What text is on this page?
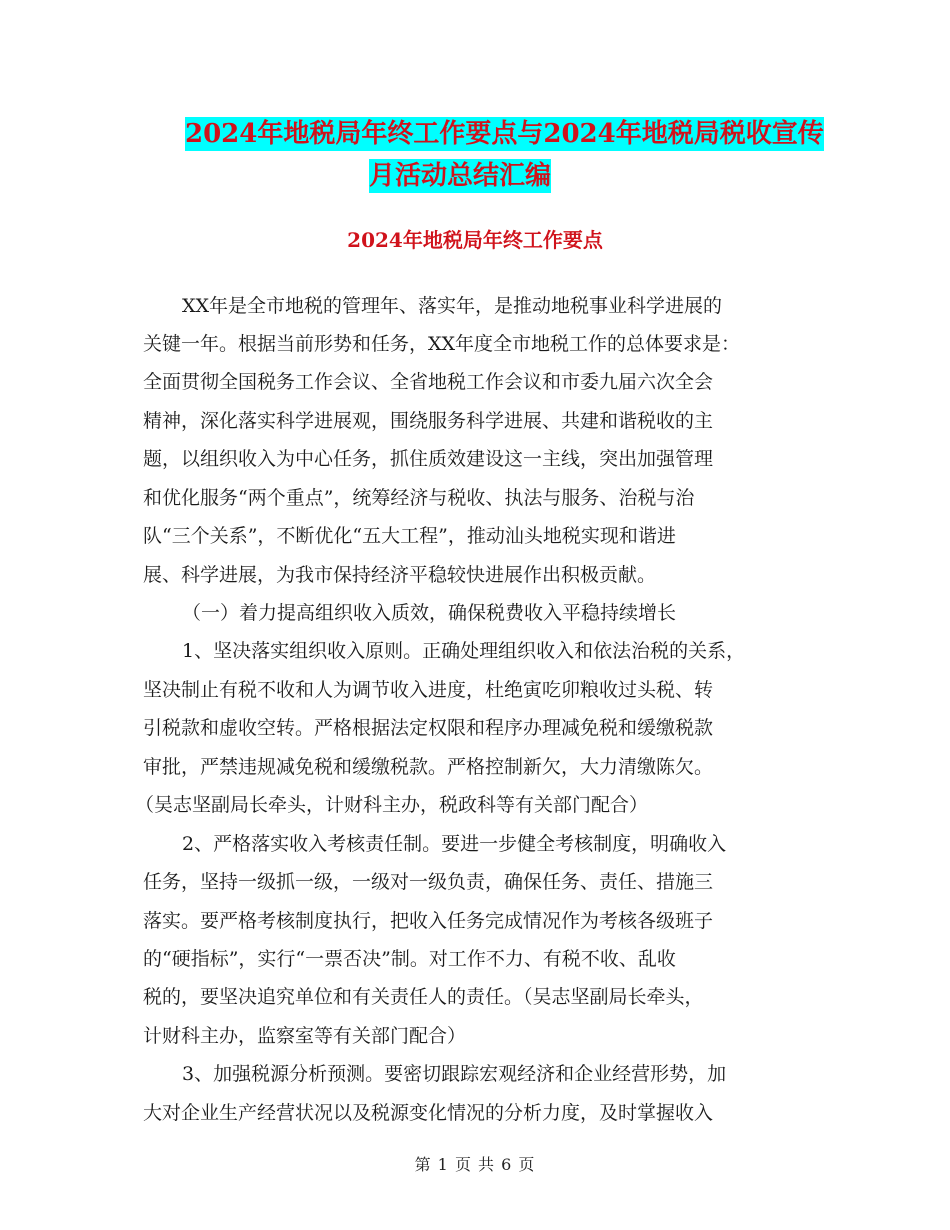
2024年地税局年终工作要点与2024年地税局税收宣传
月活动总结汇编
2024年地税局年终工作要点
XX年是全市地税的管理年、落实年，是推动地税事业科学进展的
关键一年。根据当前形势和任务，XX年度全市地税工作的总体要求是：
全面贯彻全国税务工作会议、全省地税工作会议和市委九届六次全会
精神，深化落实科学进展观，围绕服务科学进展、共建和谐税收的主
题，以组织收入为中心任务，抓住质效建设这一主线，突出加强管理
和优化服务“两个重点”，统筹经济与税收、执法与服务、治税与治
队“三个关系”，不断优化“五大工程”，推动汕头地税实现和谐进
展、科学进展，为我市保持经济平稳较快进展作出积极贡献。
（一）着力提高组织收入质效，确保税费收入平稳持续增长
1、坚决落实组织收入原则。正确处理组织收入和依法治税的关系，
坚决制止有税不收和人为调节收入进度，杜绝寅吃卯粮收过头税、转
引税款和虚收空转。严格根据法定权限和程序办理减免税和缓缴税款
审批，严禁违规减免税和缓缴税款。严格控制新欠，大力清缴陈欠。
（吴志坚副局长牵头，计财科主办，税政科等有关部门配合）
2、严格落实收入考核责任制。要进一步健全考核制度，明确收入
任务，坚持一级抓一级，一级对一级负责，确保任务、责任、措施三
落实。要严格考核制度执行，把收入任务完成情况作为考核各级班子
的“硬指标”，实行“一票否决”制。对工作不力、有税不收、乱收
税的，要坚决追究单位和有关责任人的责任。（吴志坚副局长牵头，
计财科主办，监察室等有关部门配合）
3、加强税源分析预测。要密切跟踪宏观经济和企业经营形势，加
大对企业生产经营状况以及税源变化情况的分析力度，及时掌握收入
第 1 页 共 6 页
